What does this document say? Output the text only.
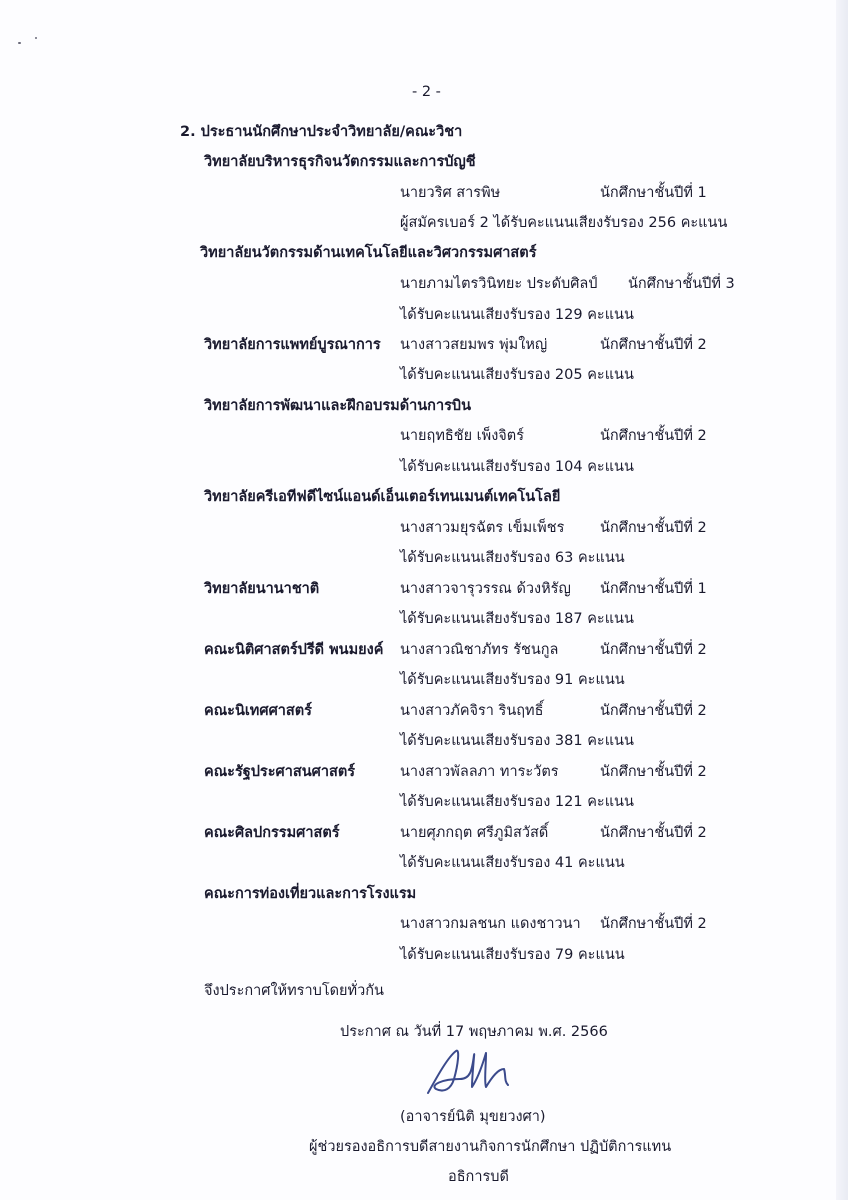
- 2 -
2. ประธานนักศึกษาประจำวิทยาลัย/คณะวิชา
วิทยาลัยบริหารธุรกิจนวัตกรรมและการบัญชี
นายวริศ สารพิษ	นักศึกษาชั้นปีที่ 1
ผู้สมัครเบอร์ 2 ได้รับคะแนนเสียงรับรอง 256 คะแนน
วิทยาลัยนวัตกรรมด้านเทคโนโลยีและวิศวกรรมศาสตร์
นายภามไตรวินิทยะ ประดับศิลป์ นักศึกษาชั้นปีที่ 3
ได้รับคะแนนเสียงรับรอง 129 คะแนน
วิทยาลัยการแพทย์บูรณาการ นางสาวสยมพร พุ่มใหญ่	นักศึกษาชั้นปีที่ 2
ได้รับคะแนนเสียงรับรอง 205 คะแนน
วิทยาลัยการพัฒนาและฝึกอบรมด้านการบิน
นายฤทธิชัย เพ็งจิตร์	นักศึกษาชั้นปีที่ 2
ได้รับคะแนนเสียงรับรอง 104 คะแนน
วิทยาลัยครีเอทีฟดีไซน์แอนด์เอ็นเตอร์เทนเมนต์เทคโนโลยี
นางสาวมยุรฉัตร เข็มเพ็ชร นักศึกษาชั้นปีที่ 2
ได้รับคะแนนเสียงรับรอง 63 คะแนน
วิทยาลัยนานาชาติ	นางสาวจารุวรรณ ด้วงหิรัญ นักศึกษาชั้นปีที่ 1
ได้รับคะแนนเสียงรับรอง 187 คะแนน
คณะนิติศาสตร์ปรีดี พนมยงค์ นางสาวณิชาภัทร รัชนกูล	นักศึกษาชั้นปีที่ 2
ได้รับคะแนนเสียงรับรอง 91 คะแนน
คณะนิเทศศาสตร์	นางสาวภัคจิรา รินฤทธิ์	นักศึกษาชั้นปีที่ 2
ได้รับคะแนนเสียงรับรอง 381 คะแนน
คณะรัฐประศาสนศาสตร์	นางสาวพัลลภา ทาระวัตร	นักศึกษาชั้นปีที่ 2
ได้รับคะแนนเสียงรับรอง 121 คะแนน
คณะศิลปกรรมศาสตร์	นายศุภกฤต ศรีภูมิสวัสดิ์	นักศึกษาชั้นปีที่ 2
ได้รับคะแนนเสียงรับรอง 41 คะแนน
คณะการท่องเที่ยวและการโรงแรม
นางสาวกมลชนก แดงชาวนา นักศึกษาชั้นปีที่ 2
ได้รับคะแนนเสียงรับรอง 79 คะแนน
จึงประกาศให้ทราบโดยทั่วกัน
ประกาศ ณ วันที่ 17 พฤษภาคม พ.ศ. 2566
(อาจารย์นิติ มุขยวงศา)
ผู้ช่วยรองอธิการบดีสายงานกิจการนักศึกษา ปฏิบัติการแทน
อธิการบดี
